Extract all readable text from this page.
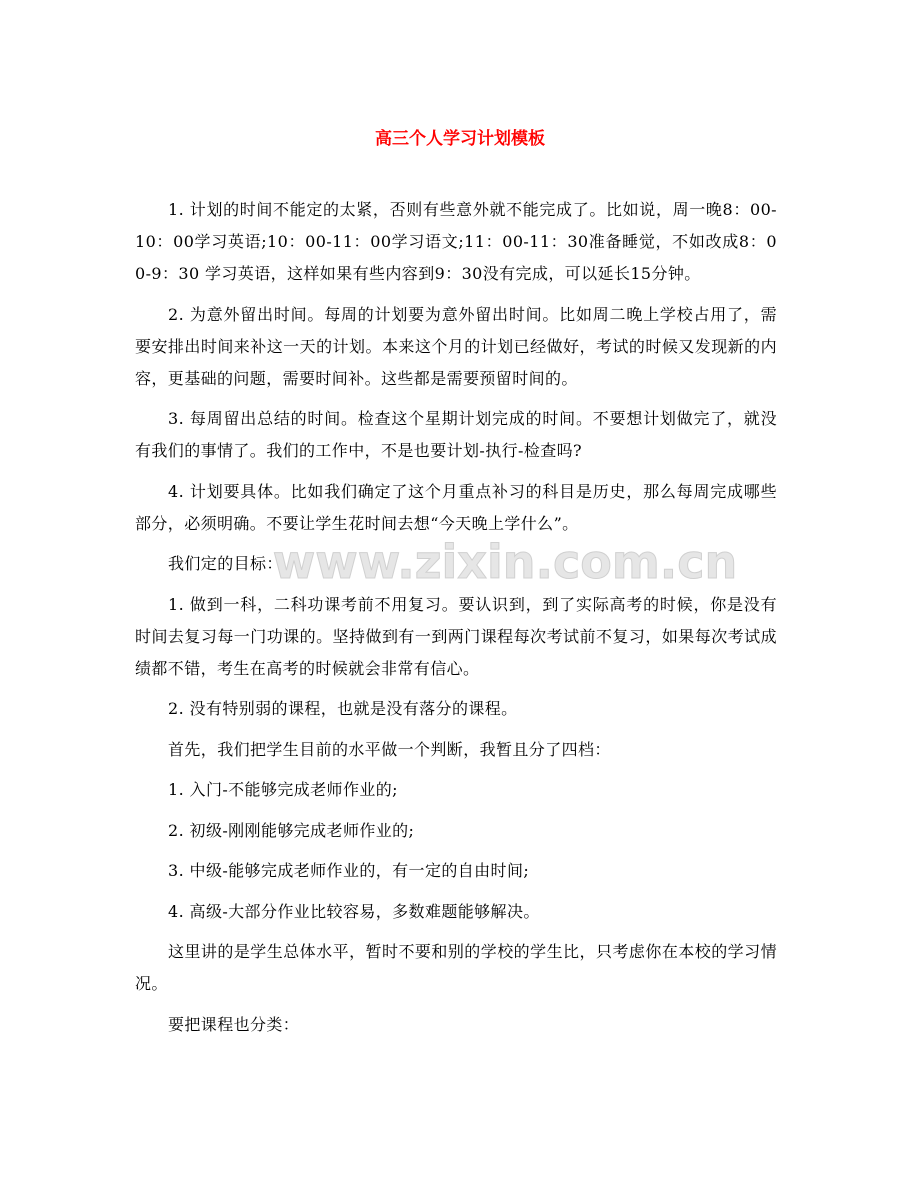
高三个人学习计划模板

1. 计划的时间不能定的太紧，否则有些意外就不能完成了。比如说，周一晚8：00-10：00学习英语;10：00-11：00学习语文;11：00-11：30准备睡觉，不如改成8：00-9：30 学习英语，这样如果有些内容到9：30没有完成，可以延长15分钟。

2. 为意外留出时间。每周的计划要为意外留出时间。比如周二晚上学校占用了，需要安排出时间来补这一天的计划。本来这个月的计划已经做好，考试的时候又发现新的内容，更基础的问题，需要时间补。这些都是需要预留时间的。

3. 每周留出总结的时间。检查这个星期计划完成的时间。不要想计划做完了，就没有我们的事情了。我们的工作中，不是也要计划-执行-检查吗?

4. 计划要具体。比如我们确定了这个月重点补习的科目是历史，那么每周完成哪些部分，必须明确。不要让学生花时间去想“今天晚上学什么”。

我们定的目标：

1. 做到一科，二科功课考前不用复习。要认识到，到了实际高考的时候，你是没有时间去复习每一门功课的。坚持做到有一到两门课程每次考试前不复习，如果每次考试成绩都不错，考生在高考的时候就会非常有信心。

2. 没有特别弱的课程，也就是没有落分的课程。

首先，我们把学生目前的水平做一个判断，我暂且分了四档：

1. 入门-不能够完成老师作业的;

2. 初级-刚刚能够完成老师作业的;

3. 中级-能够完成老师作业的，有一定的自由时间;

4. 高级-大部分作业比较容易，多数难题能够解决。

这里讲的是学生总体水平，暂时不要和别的学校的学生比，只考虑你在本校的学习情况。

要把课程也分类：

www.zixin.com.cn
